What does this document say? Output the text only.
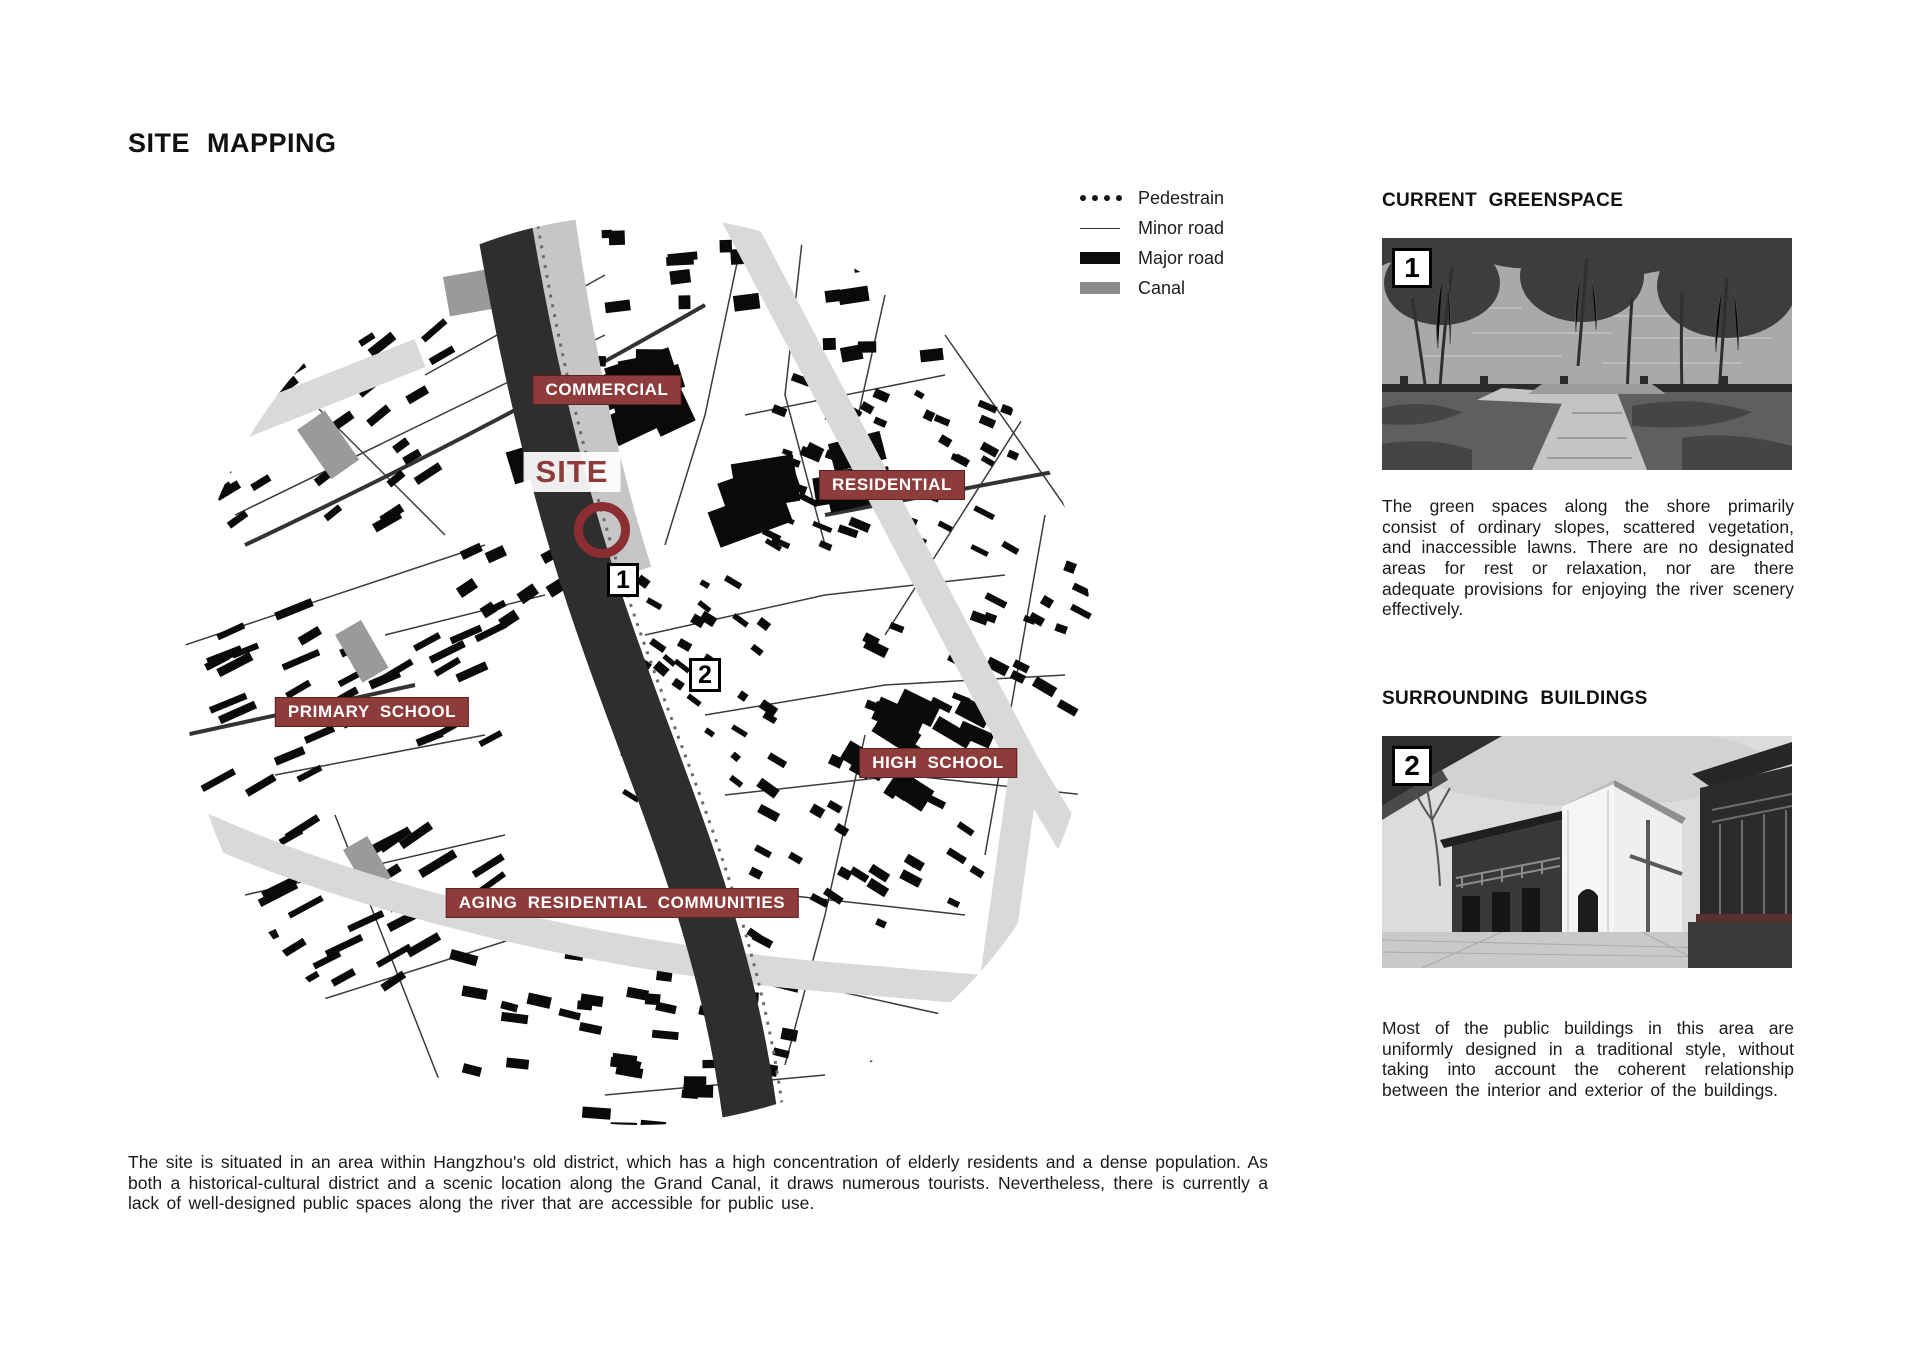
SITE MAPPING
COMMERCIAL
RESIDENTIAL
PRIMARY SCHOOL
HIGH SCHOOL
AGING RESIDENTIAL COMMUNITIES
SITE
1
2
Pedestrain
Minor road
Major road
Canal
CURRENT GREENSPACE
1
The green spaces along the shore primarily consist of ordinary slopes, scattered vegetation, and inaccessible lawns. There are no designated areas for rest or relaxation, nor are there adequate provisions for enjoying the river scenery effectively.
SURROUNDING BUILDINGS
2
Most of the public buildings in this area are uniformly designed in a traditional style, without taking into account the coherent relationship between the interior and exterior of the buildings.
The site is situated in an area within Hangzhou's old district, which has a high concentration of elderly residents and a dense population. As both a historical-cultural district and a scenic location along the Grand Canal, it draws numerous tourists. Nevertheless, there is currently a lack of well-designed public spaces along the river that are accessible for public use.
